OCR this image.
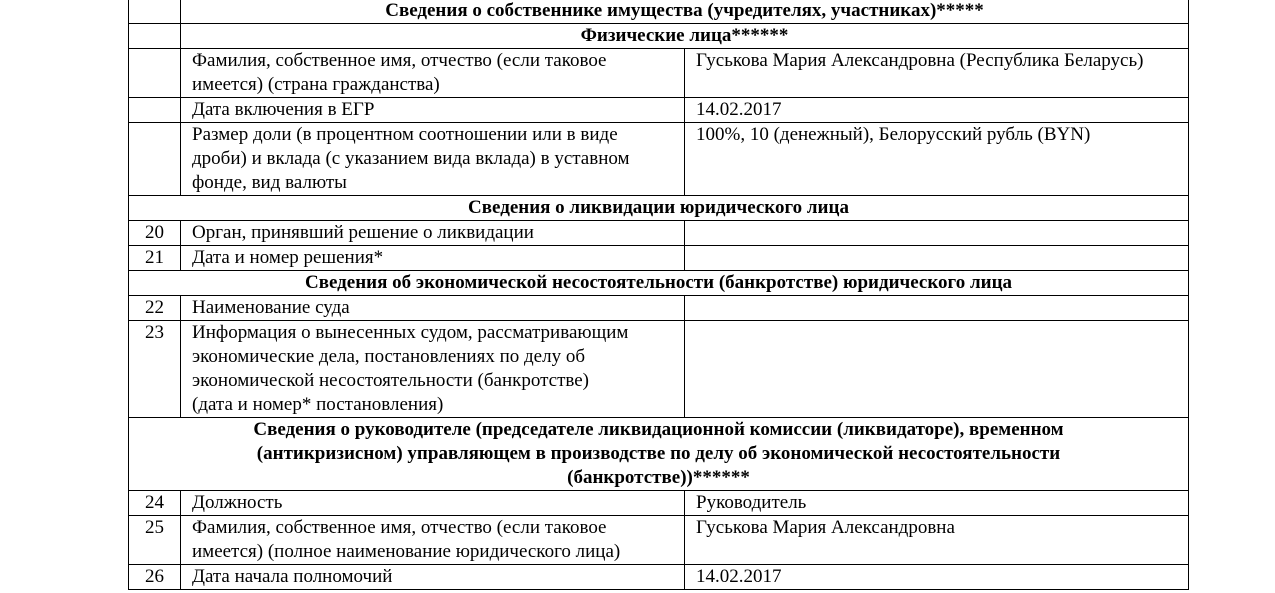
	Сведения о собственнике имущества (учредителях, участниках)*****	
	Физические лица******	
	Фамилия, собственное имя, отчество (если таковое имеется) (страна гражданства)	Гуськова Мария Александровна (Республика Беларусь)
	Дата включения в ЕГР	14.02.2017
	Размер доли (в процентном соотношении или в виде дроби) и вклада (с указанием вида вклада) в уставном фонде, вид валюты	100%, 10 (денежный), Белорусский рубль (BYN)
Сведения о ликвидации юридического лица		
20	Орган, принявший решение о ликвидации	
21	Дата и номер решения*	
Сведения об экономической несостоятельности (банкротстве) юридического лица		
22	Наименование суда	
23	Информация о вынесенных судом, рассматривающим
экономические дела, постановлениях по делу об
экономической несостоятельности (банкротстве)
(дата и номер* постановления)	

Сведения о руководителе (председателе ликвидационной комиссии (ликвидаторе), временном (антикризисном) управляющем в производстве по делу об экономической несостоятельности (банкротстве))******		
24	Должность	Руководитель
25	Фамилия, собственное имя, отчество (если таковое имеется) (полное наименование юридического лица)	Гуськова Мария Александровна
26	Дата начала полномочий	14.02.2017
